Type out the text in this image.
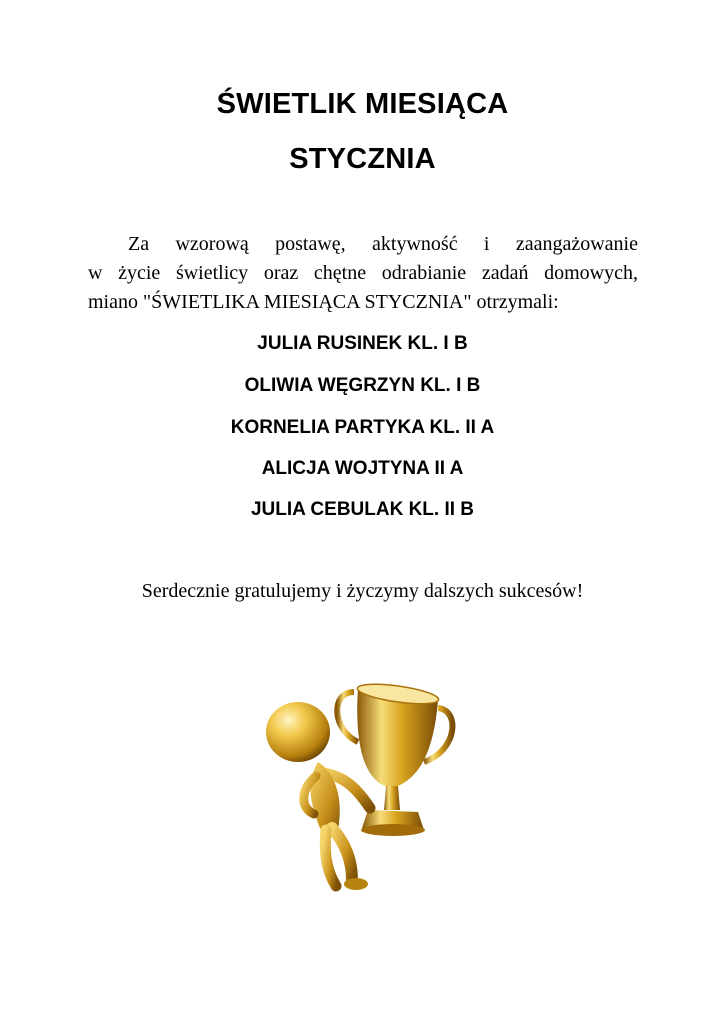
ŚWIETLIK MIESIĄCA
STYCZNIA
Za wzorową postawę, aktywność i zaangażowanie
w życie świetlicy oraz chętne odrabianie zadań domowych,
miano "ŚWIETLIKA MIESIĄCA STYCZNIA" otrzymali:
JULIA RUSINEK KL. I B
OLIWIA WĘGRZYN KL. I B
KORNELIA PARTYKA KL. II A
ALICJA WOJTYNA II A
JULIA CEBULAK KL. II B
Serdecznie gratulujemy i życzymy dalszych sukcesów!
